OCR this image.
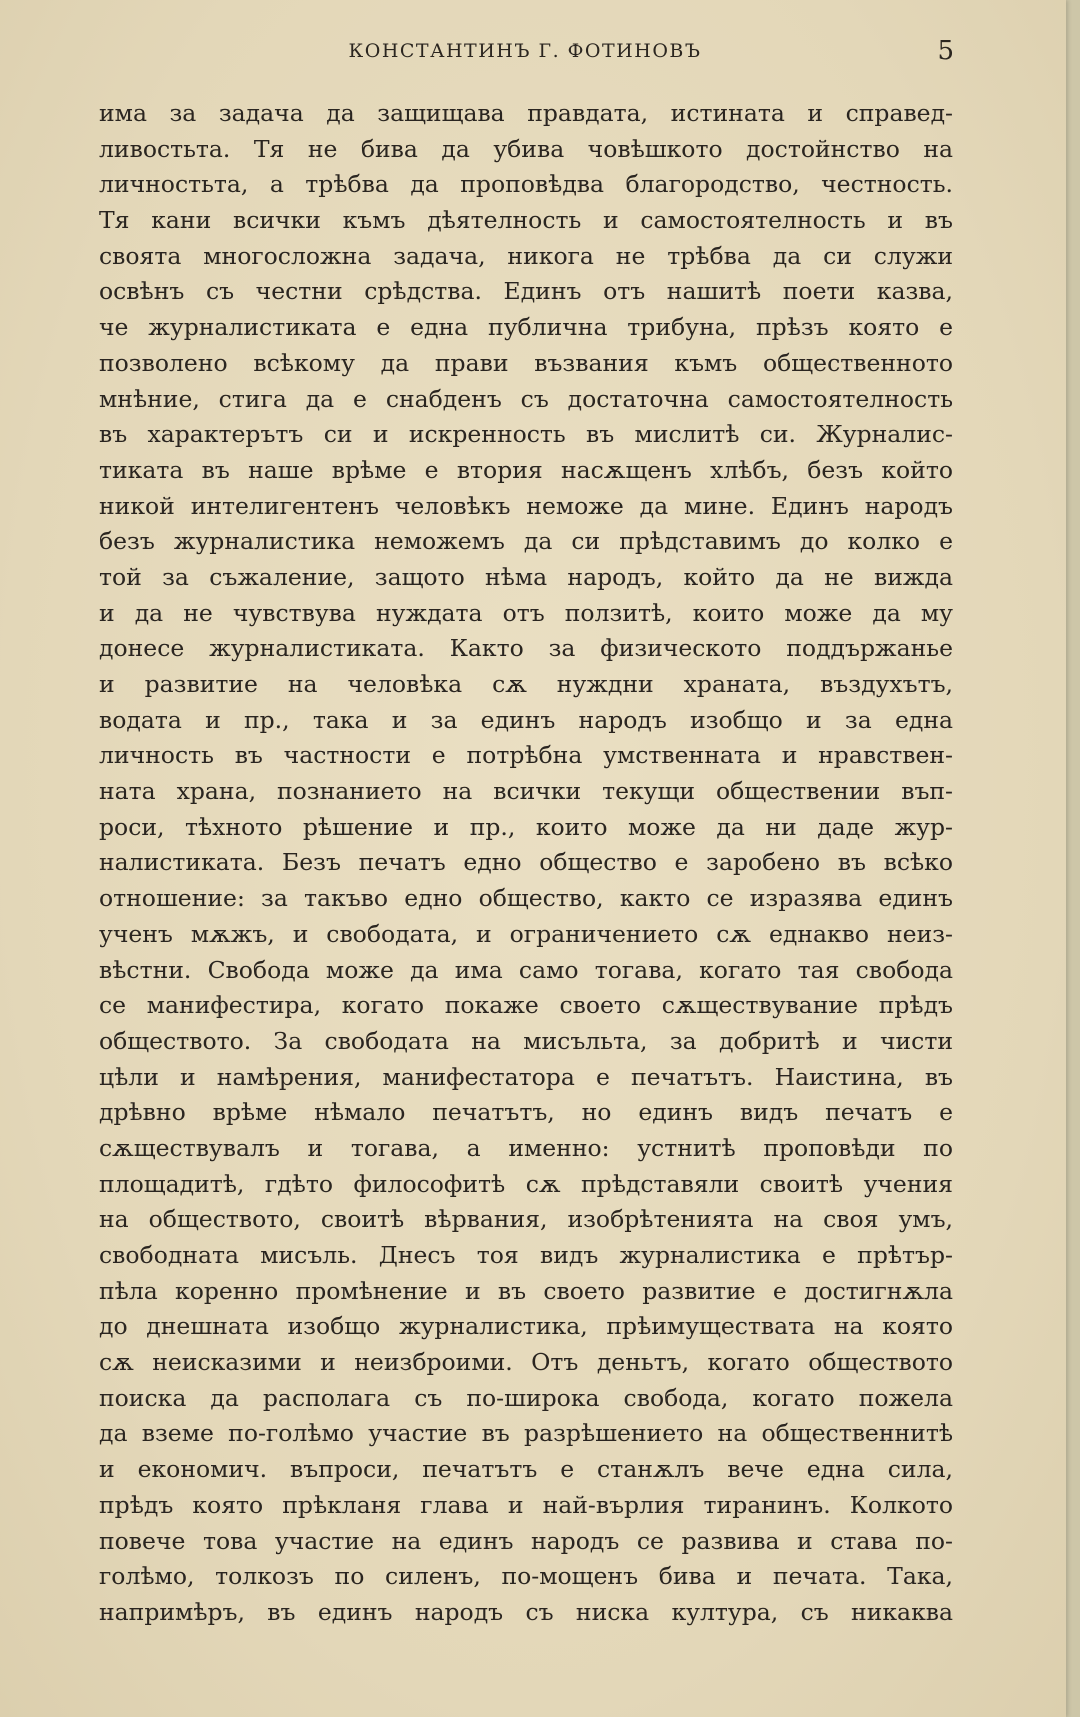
КОНСТАНТИНЪ Г. ФОТИНОВЪ	5
има за задача да защищава правдата, истината и справед-
ливостьта. Тя не бива да убива човѣшкото достойнство на
личностьта, а трѣбва да проповѣдва благородство, честность.
Тя кани всички къмъ дѣятелность и самостоятелность и въ
своята многосложна задача, никога не трѣбва да си служи
освѣнъ съ честни срѣдства. Единъ отъ нашитѣ поети казва,
че журналистиката е една публична трибуна, прѣзъ която е
позволено всѣкому да прави възвания къмъ общественното
мнѣние, стига да е снабденъ съ достаточна самостоятелность
въ характерътъ си и искренность въ мислитѣ си. Журналис-
тиката въ наше врѣме е втория насѫщенъ хлѣбъ, безъ който
никой интелигентенъ человѣкъ неможе да мине. Единъ народъ
безъ журналистика неможемъ да си прѣдставимъ до колко е
той за съжаление, защото нѣма народъ, който да не вижда
и да не чувствува нуждата отъ ползитѣ, които може да му
донесе журналистиката. Както за физическото поддържанье
и развитие на человѣка сѫ нуждни храната, въздухътъ,
водата и пр., така и за единъ народъ изобщо и за една
личность въ частности е потрѣбна умственната и нравствен-
ната храна, познанието на всички текущи обществении въп-
роси, тѣхното рѣшение и пр., които може да ни даде жур-
налистиката. Безъ печатъ едно общество е заробено въ всѣко
отношение: за такъво едно общество, както се изразява единъ
ученъ мѫжъ, и свободата, и ограничението сѫ еднакво неиз-
вѣстни. Свобода може да има само тогава, когато тая свобода
се манифестира, когато покаже своето сѫществувание прѣдъ
обществото. За свободата на мисъльта, за добритѣ и чисти
цѣли и намѣрения, манифестатора е печатътъ. Наистина, въ
дрѣвно врѣме нѣмало печатътъ, но единъ видъ печатъ е
сѫществувалъ и тогава, а именно: устнитѣ проповѣди по
площадитѣ, гдѣто философитѣ сѫ прѣдставяли своитѣ учения
на обществото, своитѣ вѣрвания, изобрѣтенията на своя умъ,
свободната мисъль. Днесъ тоя видъ журналистика е прѣтър-
пѣла коренно промѣнение и въ своето развитие е достигнѫла
до днешната изобщо журналистика, прѣимуществата на която
сѫ неисказими и неизброими. Отъ деньтъ, когато обществото
поиска да располага съ по-широка свобода, когато пожела
да вземе по-голѣмо участие въ разрѣшението на общественнитѣ
и економич. въпроси, печатътъ е станѫлъ вече една сила,
прѣдъ която прѣкланя глава и най-върлия тиранинъ. Колкото
повече това участие на единъ народъ се развива и става по-
голѣмо, толкозъ по силенъ, по-мощенъ бива и печата. Така,
напримѣръ, въ единъ народъ съ ниска култура, съ никаква
